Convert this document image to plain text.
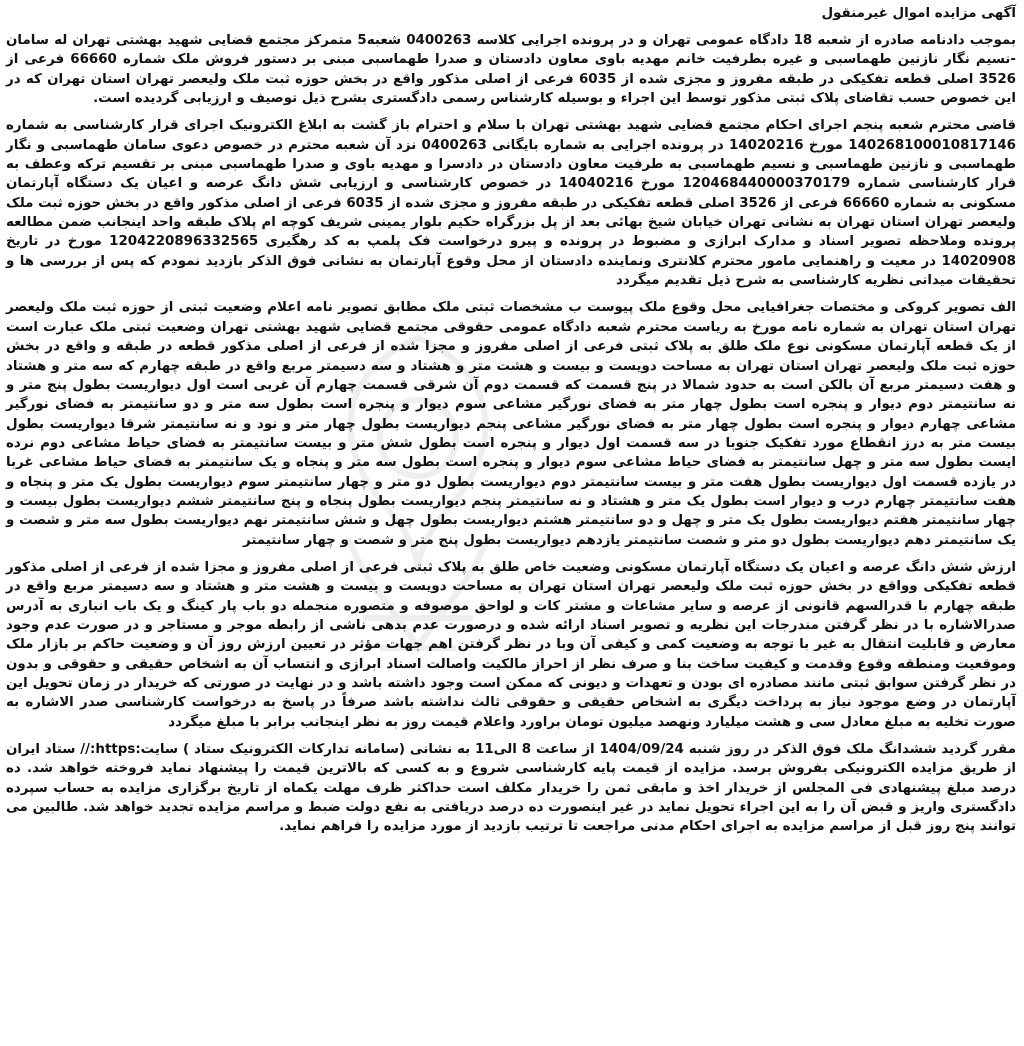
آگهی مزایده اموال غیرمنقول

بموجب دادنامه صادره از شعبه 18 دادگاه عمومی تهران و در پرونده اجرایی کلاسه 0400263 شعبه5 متمرکز مجتمع قضایی شهید بهشتی تهران له سامان -نسیم نگار نازنین طهماسبی و غیره بطرفیت خانم مهدیه باوی معاون دادستان و صدرا طهماسبی مبنی بر دستور فروش ملک شماره 66660 فرعی از 3526 اصلی قطعه تفکیکی در طبقه مفروز و مجزی شده از 6035 فرعی از اصلی مذکور واقع در بخش حوزه ثبت ملک ولیعصر تهران استان تهران که در این خصوص حسب تقاضای پلاک ثبتی مذکور توسط این اجراء و بوسیله کارشناس رسمی دادگستری بشرح ذیل توصیف و ارزیابی گردیده است.

قاضی محترم شعبه پنجم اجرای احکام مجتمع قضایی شهید بهشتی تهران با سلام و احترام باز گشت به ابلاغ الکترونیک اجرای قرار کارشناسی به شماره 140268100010817146 مورخ 14020216 در پرونده اجرایی به شماره بایگانی 0400263 نزد آن شعبه محترم در خصوص دعوی سامان طهماسبی و نگار طهماسبی و نازنین طهماسبی و نسیم طهماسبی به طرفیت معاون دادستان در دادسرا و مهدیه باوی و صدرا طهماسبی مبنی بر تقسیم ترکه وعطف به قرار کارشناسی شماره 120468440000370179 مورخ 14040216 در خصوص کارشناسی و ارزیابی شش دانگ عرصه و اعیان یک دستگاه آپارتمان مسکونی به شماره 66660 فرعی از 3526 اصلی قطعه تفکیکی در طبقه مفروز و مجزی شده از 6035 فرعی از اصلی مذکور واقع در بخش حوزه ثبت ملک ولیعصر تهران استان تهران به نشانی تهران خیابان شیخ بهائی بعد از پل بزرگراه حکیم بلوار یمینی شریف کوچه ام پلاک طبقه واحد اینجانب ضمن مطالعه پرونده وملاحظه تصویر اسناد و مدارک ابرازی و مضبوط در پرونده و پیرو درخواست فک پلمپ به کد رهگیری 1204220896332565 مورخ در تاریخ 14020908 در معیت و راهنمایی مامور محترم کلانتری ونماینده دادستان از محل وقوع آپارتمان به نشانی فوق الذکر بازدید نمودم که پس از بررسی ها و تحقیقات میدانی نظریه کارشناسی به شرح ذیل تقدیم میگردد

الف تصویر کروکی و مختصات جغرافیایی محل وقوع ملک پیوست ب مشخصات ثبتی ملک مطابق تصویر نامه اعلام وضعیت ثبتی از حوزه ثبت ملک ولیعصر تهران استان تهران به شماره نامه مورخ به ریاست محترم شعبه دادگاه عمومی حقوقی مجتمع قضایی شهید بهشتی تهران وضعیت ثبتی ملک عبارت است از یک قطعه آپارتمان مسکونی نوع ملک طلق به پلاک ثبتی فرعی از اصلی مفروز و مجزا شده از فرعی از اصلی مذکور قطعه در طبقه و واقع در بخش حوزه ثبت ملک ولیعصر تهران استان تهران به مساحت دویست و بیست و هشت متر و هشتاد و سه دسیمتر مربع واقع در طبقه چهارم که سه متر و هشتاد و هفت دسیمتر مربع آن بالکن است به حدود شمالا در پنج قسمت که قسمت دوم آن شرقی قسمت چهارم آن غربی است اول دیواریست بطول پنج متر و نه سانتیمتر دوم دیوار و پنجره است بطول چهار متر به فضای نورگیر مشاعی سوم دیوار و پنجره است بطول سه متر و دو سانتیمتر به فضای نورگیر مشاعی چهارم دیوار و پنجره است بطول چهار متر به فضای نورگیر مشاعی پنجم دیواریست بطول چهار متر و نود و نه سانتیمتر شرقا دیواریست بطول بیست متر به درز انقطاع مورد تفکیک جنوبا در سه قسمت اول دیوار و پنجره است بطول شش متر و بیست سانتیمتر به فضای حیاط مشاعی دوم نرده ایست بطول سه متر و چهل سانتیمتر به فضای حیاط مشاعی سوم دیوار و پنجره است بطول سه متر و پنجاه و یک سانتیمتر به فضای حیاط مشاعی غربا در یازده قسمت اول دیواریست بطول هفت متر و بیست سانتیمتر دوم دیواریست بطول دو متر و چهار سانتیمتر سوم دیواریست بطول یک متر و پنجاه و هفت سانتیمتر چهارم درب و دیوار است بطول یک متر و هشتاد و نه سانتیمتر پنجم دیواریست بطول پنجاه و پنج سانتیمتر ششم دیواریست بطول بیست و چهار سانتیمتر هفتم دیواریست بطول یک متر و چهل و دو سانتیمتر هشتم دیواریست بطول چهل و شش سانتیمتر نهم دیواریست بطول سه متر و شصت و یک سانتیمتر دهم دیواریست بطول دو متر و شصت سانتیمتر یازدهم دیواریست بطول پنج متر و شصت و چهار سانتیمتر

ارزش شش دانگ عرصه و اعیان یک دستگاه آپارتمان مسکونی وضعیت خاص طلق به پلاک ثبتی فرعی از اصلی مفروز و مجزا شده از فرعی از اصلی مذکور قطعه تفکیکی وواقع در بخش حوزه ثبت ملک ولیعصر تهران استان تهران به مساحت دویست و بیست و هشت متر و هشتاد و سه دسیمتر مربع واقع در طبقه چهارم با قدرالسهم قانونی از عرصه و سایر مشاعات و مشتر کات و لواحق موصوفه و متصوره منجمله دو باب پار کینگ و یک باب انباری به آدرس صدرالاشاره با در نظر گرفتن مندرجات این نظریه و تصویر اسناد ارائه شده و درصورت عدم بدهی ناشی از رابطه موجر و مستاجر و در صورت عدم وجود معارض و قابلیت انتقال به غیر با توجه به وضعیت کمی و کیفی آن وبا در نظر گرفتن اهم جهات مؤثر در تعیین ارزش روز آن و وضعیت حاکم بر بازار ملک وموقعیت ومنطقه وقوع وقدمت و کیفیت ساخت بنا و صرف نظر از احراز مالکیت واصالت اسناد ابرازی و انتساب آن به اشخاص حقیقی و حقوقی و بدون در نظر گرفتن سوابق ثبتی مانند مصادره ای بودن و تعهدات و دیونی که ممکن است وجود داشته باشد و در نهایت در صورتی که خریدار در زمان تحویل این آپارتمان در وضع موجود نیاز به پرداخت دیگری به اشخاص حقیقی و حقوقی ثالث نداشته باشد صرفاً در پاسخ به درخواست کارشناسی صدر الاشاره به صورت تخلیه به مبلغ معادل سی و هشت میلیارد ونهصد میلیون تومان براورد واعلام قیمت روز به نظر اینجانب برابر با مبلغ میگردد

مقرر گردید ششدانگ ملک فوق الذکر در روز شنبه 1404/09/24 از ساعت 8 الی11 به نشانی (سامانه تدارکات الکترونیک ستاد ) سایت:https:// ستاد ایران از طریق مزایده الکترونیکی بفروش برسد. مزایده از قیمت پایه کارشناسی شروع و به کسی که بالاترین قیمت را پیشنهاد نماید فروخته خواهد شد. ده درصد مبلغ پیشنهادی فی المجلس از خریدار اخذ و مابقی ثمن را خریدار مکلف است حداکثر ظرف مهلت یکماه از تاریخ برگزاری مزایده به حساب سپرده دادگستری واریز و قبض آن را به این اجراء تحویل نماید در غیر اینصورت ده درصد دریافتی به نفع دولت ضبط و مراسم مزایده تجدید خواهد شد. طالبین می توانند پنج روز قبل از مراسم مزایده به اجرای احکام مدنی مراجعت تا ترتیب بازدید از مورد مزایده را فراهم نماید.
